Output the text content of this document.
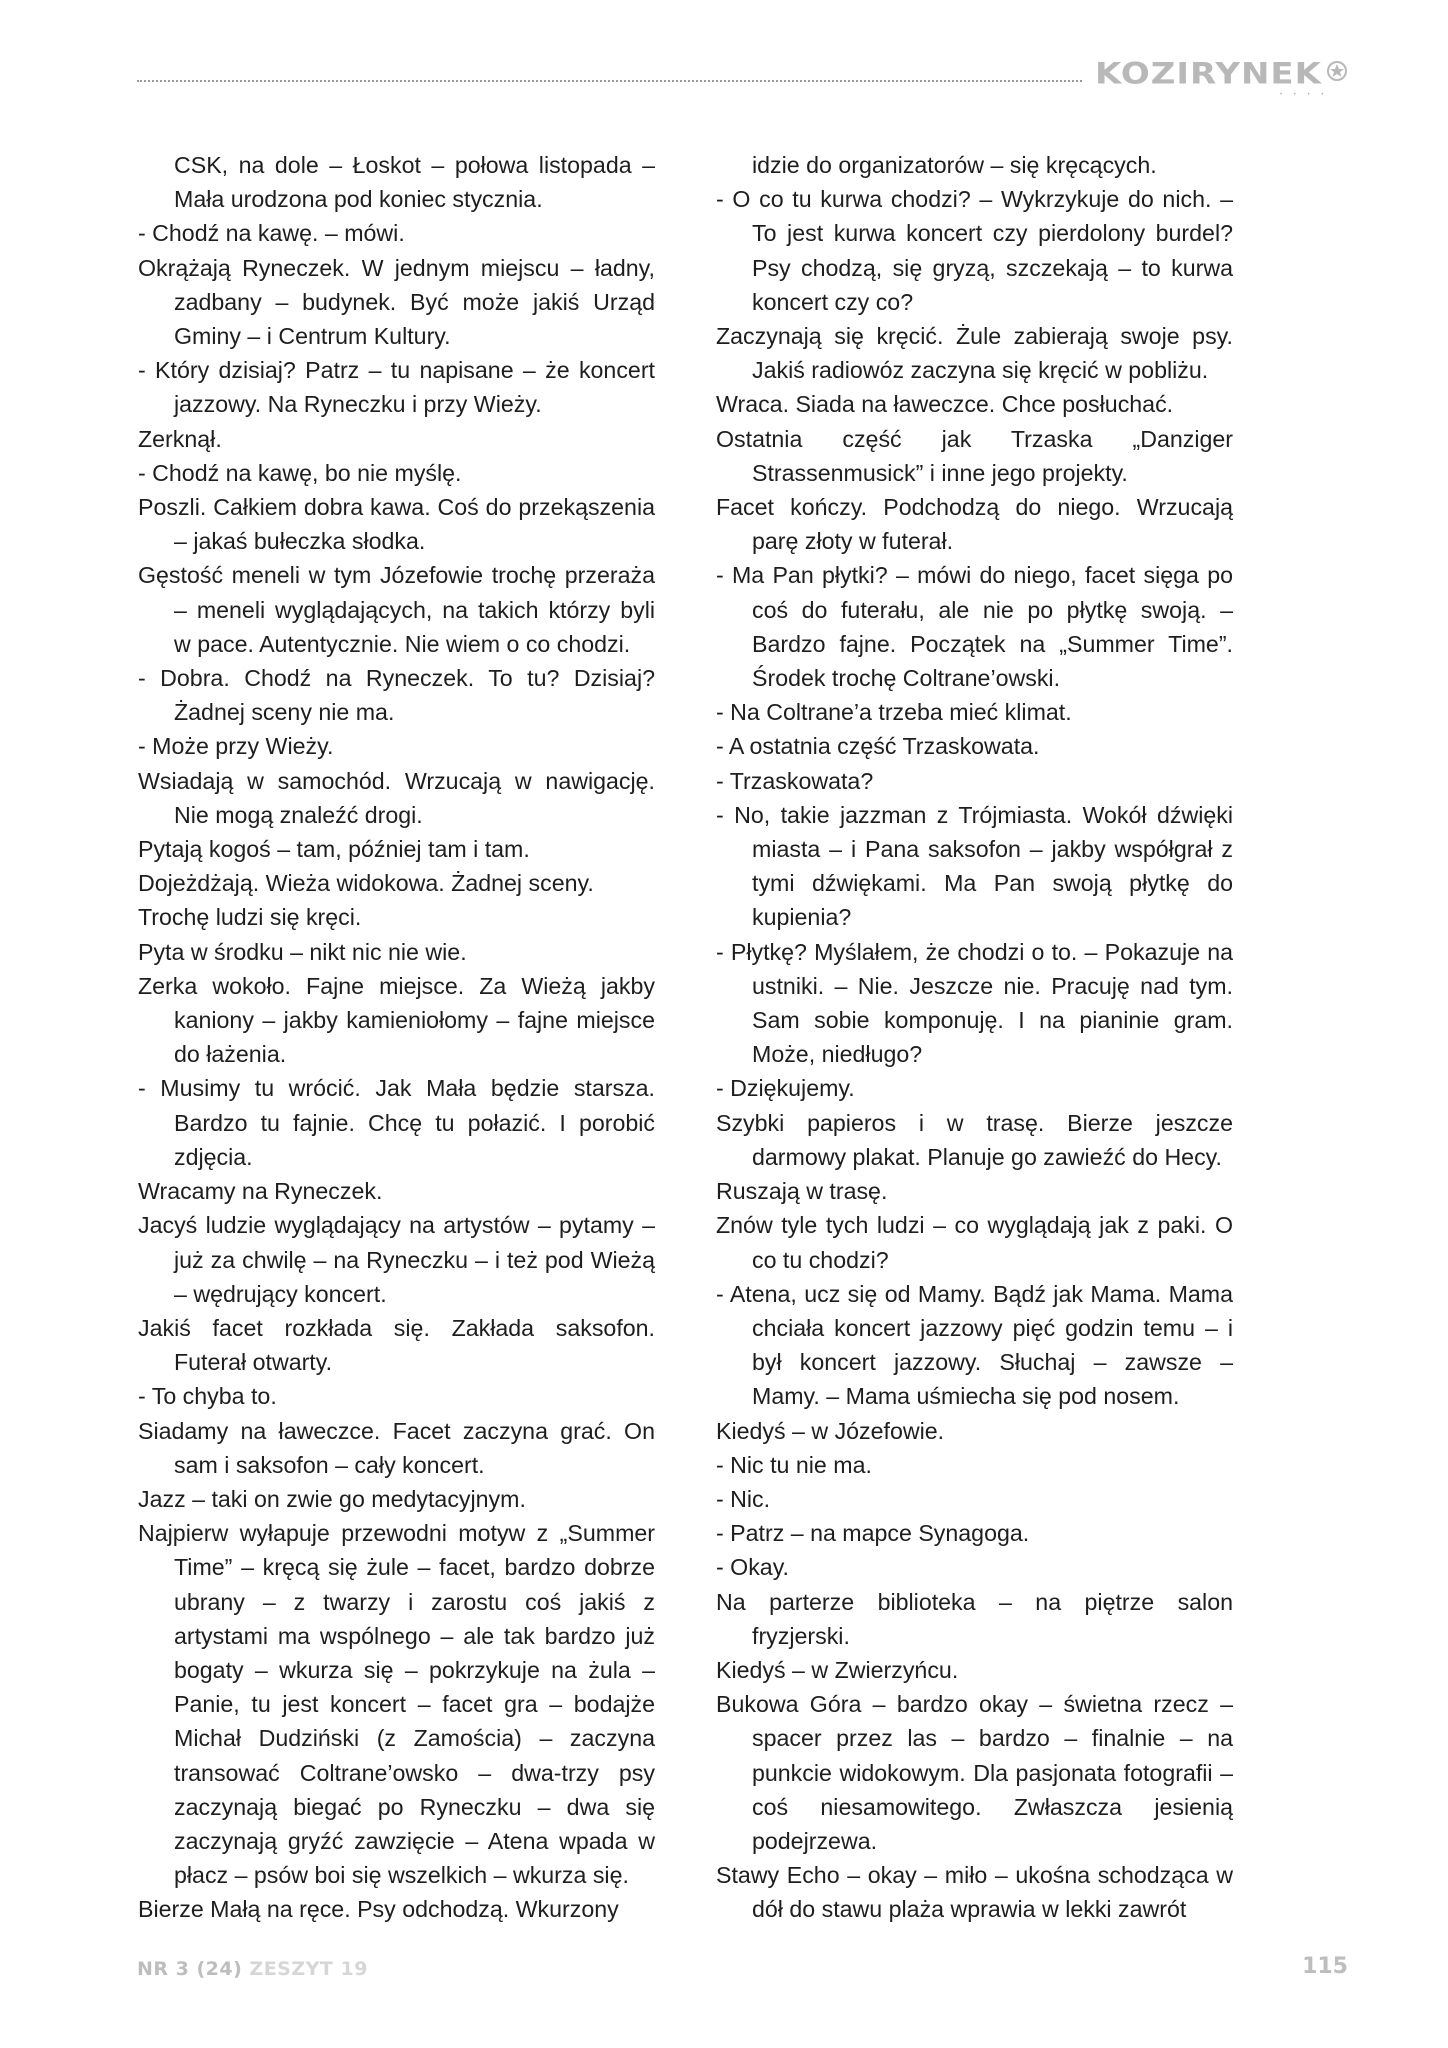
KOZIRYNEK
• • • •

CSK, na dole – Łoskot – połowa listopada – Mała urodzona pod koniec stycznia.

- Chodź na kawę. – mówi.

Okrążają Ryneczek. W jednym miejscu – ładny, zadbany – budynek. Być może jakiś Urząd Gminy – i Centrum Kultury.

- Który dzisiaj? Patrz – tu napisane – że koncert jazzowy. Na Ryneczku i przy Wieży.

Zerknął.

- Chodź na kawę, bo nie myślę.

Poszli. Całkiem dobra kawa. Coś do przekąszenia – jakaś bułeczka słodka.

Gęstość meneli w tym Józefowie trochę przeraża – meneli wyglądających, na takich którzy byli w pace. Autentycznie. Nie wiem o co chodzi.

- Dobra. Chodź na Ryneczek. To tu? Dzisiaj? Żadnej sceny nie ma.

- Może przy Wieży.

Wsiadają w samochód. Wrzucają w nawigację. Nie mogą znaleźć drogi.

Pytają kogoś – tam, później tam i tam.

Dojeżdżają. Wieża widokowa. Żadnej sceny.

Trochę ludzi się kręci.

Pyta w środku – nikt nic nie wie.

Zerka wokoło. Fajne miejsce. Za Wieżą jakby kaniony – jakby kamieniołomy – fajne miejsce do łażenia.

- Musimy tu wrócić. Jak Mała będzie starsza. Bardzo tu fajnie. Chcę tu połazić. I porobić zdjęcia.

Wracamy na Ryneczek.

Jacyś ludzie wyglądający na artystów – pytamy – już za chwilę – na Ryneczku – i też pod Wieżą – wędrujący koncert.

Jakiś facet rozkłada się. Zakłada saksofon. Futerał otwarty.

- To chyba to.

Siadamy na ławeczce. Facet zaczyna grać. On sam i saksofon – cały koncert.

Jazz – taki on zwie go medytacyjnym.

Najpierw wyłapuje przewodni motyw z „Summer Time” – kręcą się żule – facet, bardzo dobrze ubrany – z twarzy i zarostu coś jakiś z artystami ma wspólnego – ale tak bardzo już bogaty – wkurza się – pokrzykuje na żula – Panie, tu jest koncert – facet gra – bodajże Michał Dudziński (z Zamościa) – zaczyna transować Coltrane’owsko – dwa-trzy psy zaczynają biegać po Ryneczku – dwa się zaczynają gryźć zawzięcie – Atena wpada w płacz – psów boi się wszelkich – wkurza się.

Bierze Małą na ręce. Psy odchodzą. Wkurzony

idzie do organizatorów – się kręcących.

- O co tu kurwa chodzi? – Wykrzykuje do nich. – To jest kurwa koncert czy pierdolony burdel? Psy chodzą, się gryzą, szczekają – to kurwa koncert czy co?

Zaczynają się kręcić. Żule zabierają swoje psy. Jakiś radiowóz zaczyna się kręcić w pobliżu.

Wraca. Siada na ławeczce. Chce posłuchać.

Ostatnia część jak Trzaska „Danziger Strassenmusick” i inne jego projekty.

Facet kończy. Podchodzą do niego. Wrzucają parę złoty w futerał.

- Ma Pan płytki? – mówi do niego, facet sięga po coś do futerału, ale nie po płytkę swoją. – Bardzo fajne. Początek na „Summer Time”. Środek trochę Coltrane’owski.

- Na Coltrane’a trzeba mieć klimat.

- A ostatnia część Trzaskowata.

- Trzaskowata?

- No, takie jazzman z Trójmiasta. Wokół dźwięki miasta – i Pana saksofon – jakby współgrał z tymi dźwiękami. Ma Pan swoją płytkę do kupienia?

- Płytkę? Myślałem, że chodzi o to. – Pokazuje na ustniki. – Nie. Jeszcze nie. Pracuję nad tym. Sam sobie komponuję. I na pianinie gram. Może, niedługo?

- Dziękujemy.

Szybki papieros i w trasę. Bierze jeszcze darmowy plakat. Planuje go zawieźć do Hecy.

Ruszają w trasę.

Znów tyle tych ludzi – co wyglądają jak z paki. O co tu chodzi?

- Atena, ucz się od Mamy. Bądź jak Mama. Mama chciała koncert jazzowy pięć godzin temu – i był koncert jazzowy. Słuchaj – zawsze – Mamy. – Mama uśmiecha się pod nosem.

Kiedyś – w Józefowie.

- Nic tu nie ma.

- Nic.

- Patrz – na mapce Synagoga.

- Okay.

Na parterze biblioteka – na piętrze salon fryzjerski.

Kiedyś – w Zwierzyńcu.

Bukowa Góra – bardzo okay – świetna rzecz – spacer przez las – bardzo – finalnie – na punkcie widokowym. Dla pasjonata fotografii – coś niesamowitego. Zwłaszcza jesienią podejrzewa.

Stawy Echo – okay – miło – ukośna schodząca w dół do stawu plaża wprawia w lekki zawrót

NR 3 (24) ZESZYT 19	115
